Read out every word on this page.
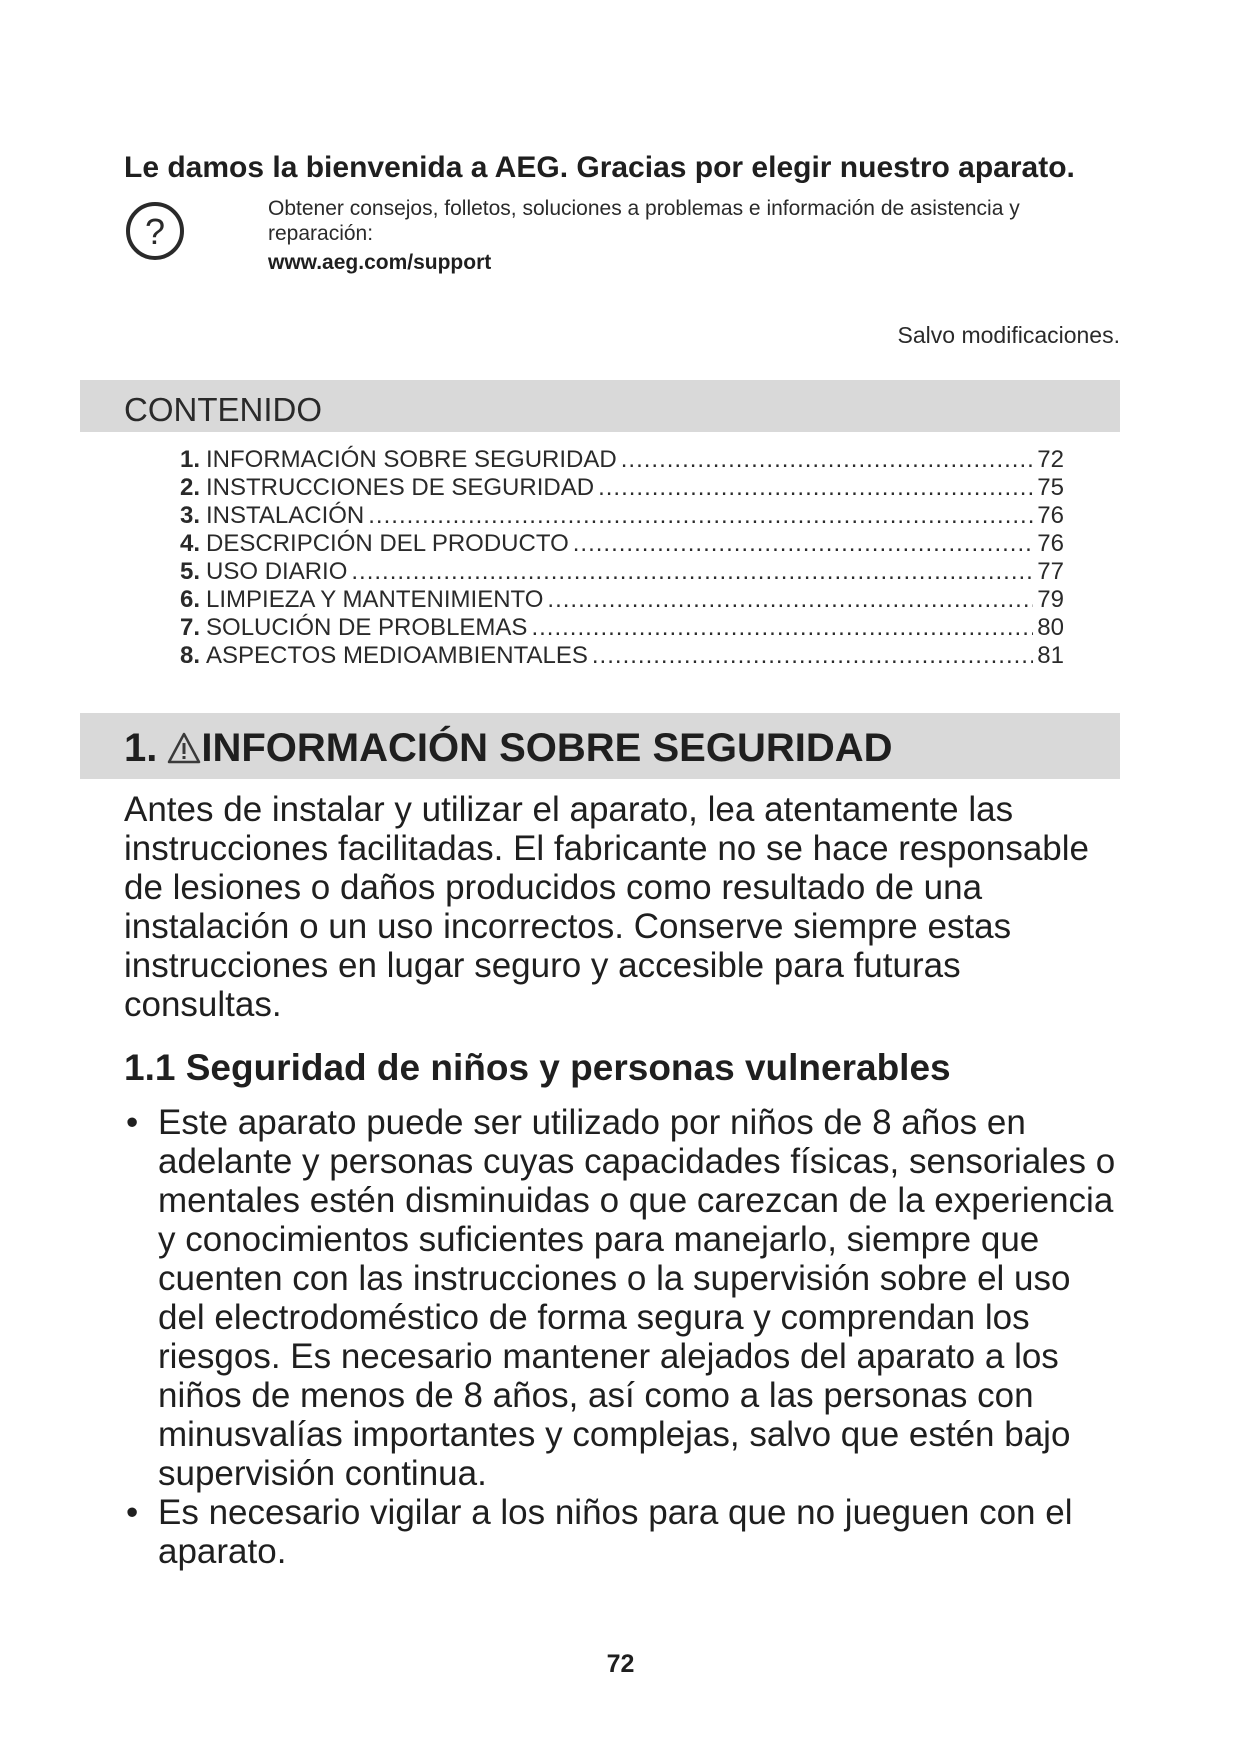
Le damos la bienvenida a AEG. Gracias por elegir nuestro aparato.
?
Obtener consejos, folletos, soluciones a problemas e información de asistencia y reparación:
www.aeg.com/support
Salvo modificaciones.
CONTENIDO
1. INFORMACIÓN SOBRE SEGURIDAD .....	72
2. INSTRUCCIONES DE SEGURIDAD .....	75
3. INSTALACIÓN .....	76
4. DESCRIPCIÓN DEL PRODUCTO .....	76
5. USO DIARIO .....	77
6. LIMPIEZA Y MANTENIMIENTO .....	79
7. SOLUCIÓN DE PROBLEMAS .....	80
8. ASPECTOS MEDIOAMBIENTALES .....	81
1. INFORMACIÓN SOBRE SEGURIDAD

Antes de instalar y utilizar el aparato, lea atentamente las instrucciones facilitadas. El fabricante no se hace responsable de lesiones o daños producidos como resultado de una instalación o un uso incorrectos. Conserve siempre estas instrucciones en lugar seguro y accesible para futuras consultas.

1.1 Seguridad de niños y personas vulnerables
• Este aparato puede ser utilizado por niños de 8 años en adelante y personas cuyas capacidades físicas, sensoriales o mentales estén disminuidas o que carezcan de la experiencia y conocimientos suficientes para manejarlo, siempre que cuenten con las instrucciones o la supervisión sobre el uso del electrodoméstico de forma segura y comprendan los riesgos. Es necesario mantener alejados del aparato a los niños de menos de 8 años, así como a las personas con minusvalías importantes y complejas, salvo que estén bajo supervisión continua.
• Es necesario vigilar a los niños para que no jueguen con el aparato.
72
